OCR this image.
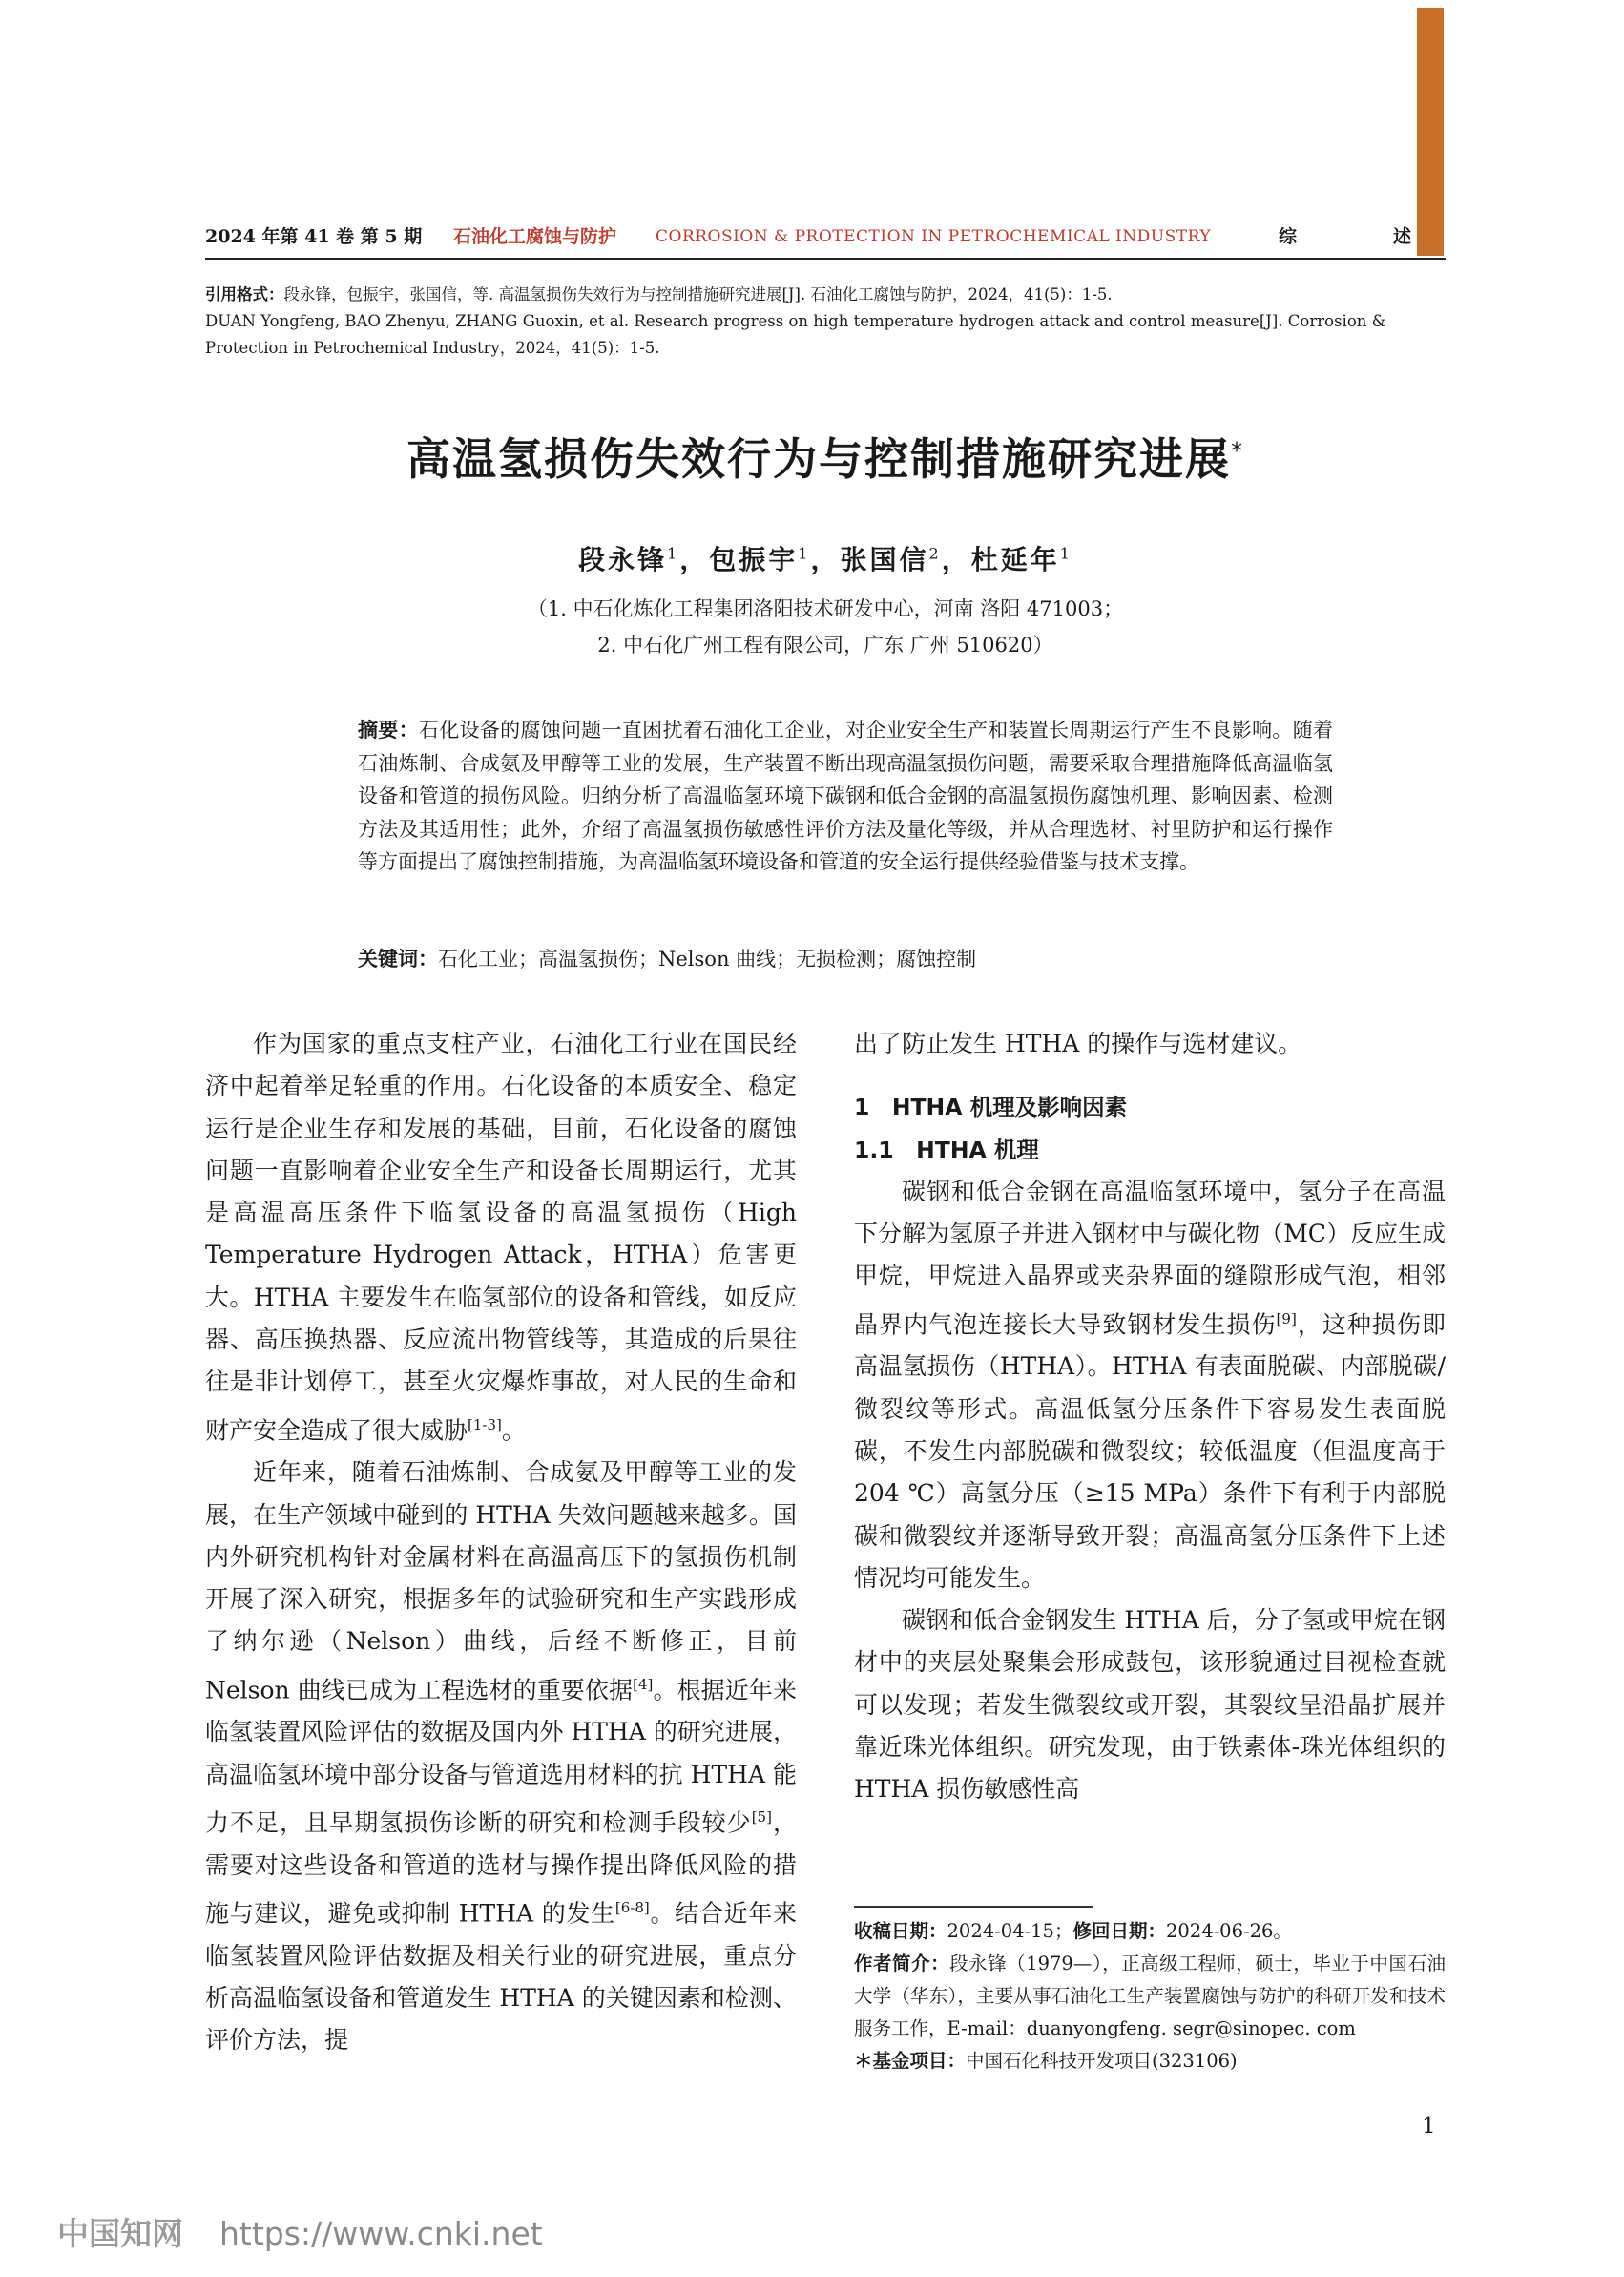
2024 年第 41 卷 第 5 期 石油化工腐蚀与防护 CORROSION & PROTECTION IN PETROCHEMICAL INDUSTRY	综	述

引用格式：段永锋，包振宇，张国信，等. 高温氢损伤失效行为与控制措施研究进展[J]. 石油化工腐蚀与防护，2024，41(5)：1-5.

DUAN Yongfeng, BAO Zhenyu, ZHANG Guoxin, et al. Research progress on high temperature hydrogen attack and control measure[J]. Corrosion & Protection in Petrochemical Industry，2024，41(5)：1-5.

高温氢损伤失效行为与控制措施研究进展*
段永锋$^1$，包振宇$^1$，张国信$^2$，杜延年$^1$
（1. 中石化炼化工程集团洛阳技术研发中心，河南 洛阳 471003；
2. 中石化广州工程有限公司，广东 广州 510620）
摘要：石化设备的腐蚀问题一直困扰着石油化工企业，对企业安全生产和装置长周期运行产生不良影响。随着石油炼制、合成氨及甲醇等工业的发展，生产装置不断出现高温氢损伤问题，需要采取合理措施降低高温临氢设备和管道的损伤风险。归纳分析了高温临氢环境下碳钢和低合金钢的高温氢损伤腐蚀机理、影响因素、检测方法及其适用性；此外，介绍了高温氢损伤敏感性评价方法及量化等级，并从合理选材、衬里防护和运行操作等方面提出了腐蚀控制措施，为高温临氢环境设备和管道的安全运行提供经验借鉴与技术支撑。
关键词：石化工业；高温氢损伤；Nelson 曲线；无损检测；腐蚀控制

作为国家的重点支柱产业，石油化工行业在国民经济中起着举足轻重的作用。石化设备的本质安全、稳定运行是企业生存和发展的基础，目前，石化设备的腐蚀问题一直影响着企业安全生产和设备长周期运行，尤其是高温高压条件下临氢设备的高温氢损伤（High Temperature Hydrogen Attack，HTHA）危害更大。HTHA 主要发生在临氢部位的设备和管线，如反应器、高压换热器、反应流出物管线等，其造成的后果往往是非计划停工，甚至火灾爆炸事故，对人民的生命和财产安全造成了很大威胁[1-3]。

近年来，随着石油炼制、合成氨及甲醇等工业的发展，在生产领域中碰到的 HTHA 失效问题越来越多。国内外研究机构针对金属材料在高温高压下的氢损伤机制开展了深入研究，根据多年的试验研究和生产实践形成了纳尔逊（Nelson）曲线，后经不断修正，目前 Nelson 曲线已成为工程选材的重要依据[4]。根据近年来临氢装置风险评估的数据及国内外 HTHA 的研究进展，高温临氢环境中部分设备与管道选用材料的抗 HTHA 能力不足，且早期氢损伤诊断的研究和检测手段较少[5]，需要对这些设备和管道的选材与操作提出降低风险的措施与建议，避免或抑制 HTHA 的发生[6-8]。结合近年来临氢装置风险评估数据及相关行业的研究进展，重点分析高温临氢设备和管道发生 HTHA 的关键因素和检测、评价方法，提

出了防止发生 HTHA 的操作与选材建议。

1　HTHA 机理及影响因素

1.1　HTHA 机理

碳钢和低合金钢在高温临氢环境中，氢分子在高温下分解为氢原子并进入钢材中与碳化物（MC）反应生成甲烷，甲烷进入晶界或夹杂界面的缝隙形成气泡，相邻晶界内气泡连接长大导致钢材发生损伤[9]，这种损伤即高温氢损伤（HTHA）。HTHA 有表面脱碳、内部脱碳/微裂纹等形式。高温低氢分压条件下容易发生表面脱碳，不发生内部脱碳和微裂纹；较低温度（但温度高于 204 ℃）高氢分压（≥15 MPa）条件下有利于内部脱碳和微裂纹并逐渐导致开裂；高温高氢分压条件下上述情况均可能发生。

碳钢和低合金钢发生 HTHA 后，分子氢或甲烷在钢材中的夹层处聚集会形成鼓包，该形貌通过目视检查就可以发现；若发生微裂纹或开裂，其裂纹呈沿晶扩展并靠近珠光体组织。研究发现，由于铁素体-珠光体组织的 HTHA 损伤敏感性高

收稿日期：2024-04-15；修回日期：2024-06-26。

作者简介：段永锋（1979—），正高级工程师，硕士，毕业于中国石油大学（华东），主要从事石油化工生产装置腐蚀与防护的科研开发和技术服务工作，E-mail：duanyongfeng. segr@sinopec. com

＊基金项目：中国石化科技开发项目(323106)

1
中国知网 https://www.cnki.net
